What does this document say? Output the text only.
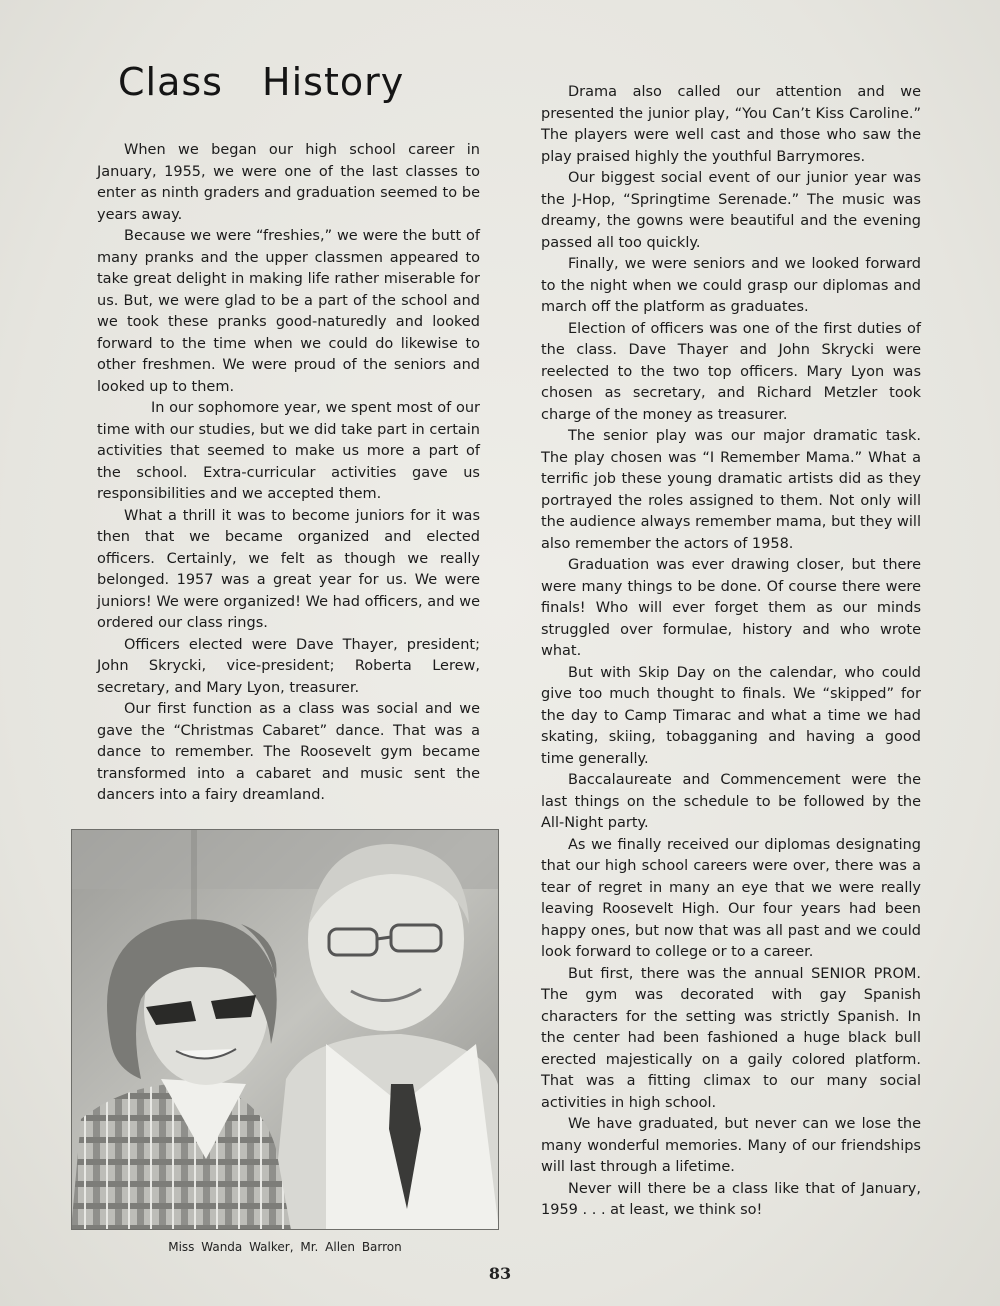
Class History

When we began our high school career in January, 1955, we were one of the last classes to enter as ninth graders and graduation seemed to be years away.

Because we were “freshies,” we were the butt of many pranks and the upper classmen appeared to take great delight in making life rather miserable for us. But, we were glad to be a part of the school and we took these pranks good-naturedly and looked forward to the time when we could do likewise to other freshmen. We were proud of the seniors and looked up to them.

In our sophomore year, we spent most of our time with our studies, but we did take part in certain activities that seemed to make us more a part of the school. Extra-curricular activities gave us responsibilities and we accepted them.

What a thrill it was to become juniors for it was then that we became organized and elected officers. Certainly, we felt as though we really belonged. 1957 was a great year for us. We were juniors! We were organized! We had officers, and we ordered our class rings.

Officers elected were Dave Thayer, president; John Skrycki, vice-president; Roberta Lerew, secretary, and Mary Lyon, treasurer.

Our first function as a class was social and we gave the “Christmas Cabaret” dance. That was a dance to remember. The Roosevelt gym became transformed into a cabaret and music sent the dancers into a fairy dreamland.

Miss Wanda Walker, Mr. Allen Barron

Drama also called our attention and we presented the junior play, “You Can’t Kiss Caroline.” The players were well cast and those who saw the play praised highly the youthful Barrymores.

Our biggest social event of our junior year was the J-Hop, “Springtime Serenade.” The music was dreamy, the gowns were beautiful and the evening passed all too quickly.

Finally, we were seniors and we looked forward to the night when we could grasp our diplomas and march off the platform as graduates.

Election of officers was one of the first duties of the class. Dave Thayer and John Skrycki were reelected to the two top officers. Mary Lyon was chosen as secretary, and Richard Metzler took charge of the money as treasurer.

The senior play was our major dramatic task. The play chosen was “I Remember Mama.” What a terrific job these young dramatic artists did as they portrayed the roles assigned to them. Not only will the audience always remember mama, but they will also remember the actors of 1958.

Graduation was ever drawing closer, but there were many things to be done. Of course there were finals! Who will ever forget them as our minds struggled over formulae, history and who wrote what.

But with Skip Day on the calendar, who could give too much thought to finals. We “skipped” for the day to Camp Timarac and what a time we had skating, skiing, tobagganing and having a good time generally.

Baccalaureate and Commencement were the last things on the schedule to be followed by the All-Night party.

As we finally received our diplomas designating that our high school careers were over, there was a tear of regret in many an eye that we were really leaving Roosevelt High. Our four years had been happy ones, but now that was all past and we could look forward to college or to a career.

But first, there was the annual SENIOR PROM. The gym was decorated with gay Spanish characters for the setting was strictly Spanish. In the center had been fashioned a huge black bull erected majestically on a gaily colored platform. That was a fitting climax to our many social activities in high school.

We have graduated, but never can we lose the many wonderful memories. Many of our friendships will last through a lifetime.

Never will there be a class like that of January, 1959 . . . at least, we think so!

83
